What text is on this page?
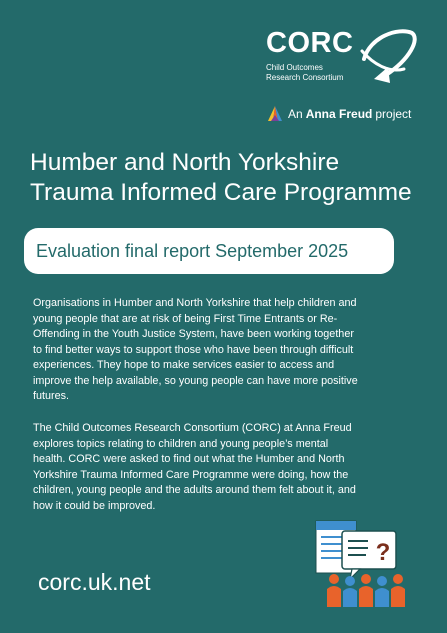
CORC
Child Outcomes
Research Consortium
An Anna Freud project
Humber and North Yorkshire
Trauma Informed Care Programme
Evaluation final report September 2025

Organisations in Humber and North Yorkshire that help children and
young people that are at risk of being First Time Entrants or Re-
Offending in the Youth Justice System, have been working together
to find better ways to support those who have been through difficult
experiences. They hope to make services easier to access and
improve the help available, so young people can have more positive
futures.

The Child Outcomes Research Consortium (CORC) at Anna Freud
explores topics relating to children and young people’s mental
health. CORC were asked to find out what the Humber and North
Yorkshire Trauma Informed Care Programme were doing, how the
children, young people and the adults around them felt about it, and
how it could be improved.

corc.uk.net
?
